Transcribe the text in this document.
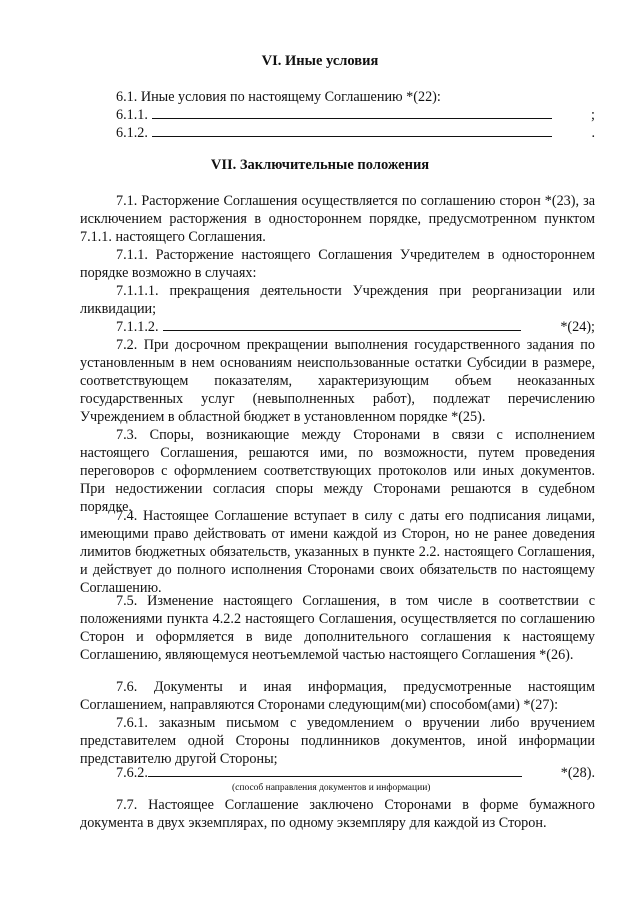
VI. Иные условия
6.1. Иные условия по настоящему Соглашению *(22):
6.1.1.	;
6.1.2.	.
VII. Заключительные положения
7.1. Расторжение Соглашения осуществляется по соглашению сторон *(23), за исключением расторжения в одностороннем порядке, предусмотренном пунктом 7.1.1. настоящего Соглашения.
7.1.1. Расторжение настоящего Соглашения Учредителем в одностороннем порядке возможно в случаях:
7.1.1.1. прекращения деятельности Учреждения при реорганизации или ликвидации;
7.1.1.2.	*(24);
7.2. При досрочном прекращении выполнения государственного задания по установленным в нем основаниям неиспользованные остатки Субсидии в размере, соответствующем показателям, характеризующим объем неоказанных государственных услуг (невыполненных работ), подлежат перечислению Учреждением в областной бюджет в установленном порядке *(25).
7.3. Споры, возникающие между Сторонами в связи с исполнением настоящего Соглашения, решаются ими, по возможности, путем проведения переговоров с оформлением соответствующих протоколов или иных документов. При недостижении согласия споры между Сторонами решаются в судебном порядке.
7.4. Настоящее Соглашение вступает в силу с даты его подписания лицами, имеющими право действовать от имени каждой из Сторон, но не ранее доведения лимитов бюджетных обязательств, указанных в пункте 2.2. настоящего Соглашения, и действует до полного исполнения Сторонами своих обязательств по настоящему Соглашению.
7.5. Изменение настоящего Соглашения, в том числе в соответствии с положениями пункта 4.2.2 настоящего Соглашения, осуществляется по соглашению Сторон и оформляется в виде дополнительного соглашения к настоящему Соглашению, являющемуся неотъемлемой частью настоящего Соглашения *(26).
7.6. Документы и иная информация, предусмотренные настоящим Соглашением, направляются Сторонами следующим(ми) способом(ами) *(27):
7.6.1. заказным письмом с уведомлением о вручении либо вручением представителем одной Стороны подлинников документов, иной информации представителю другой Стороны;
7.6.2.	*(28).
(способ направления документов и информации)
7.7. Настоящее Соглашение заключено Сторонами в форме бумажного документа в двух экземплярах, по одному экземпляру для каждой из Сторон.
